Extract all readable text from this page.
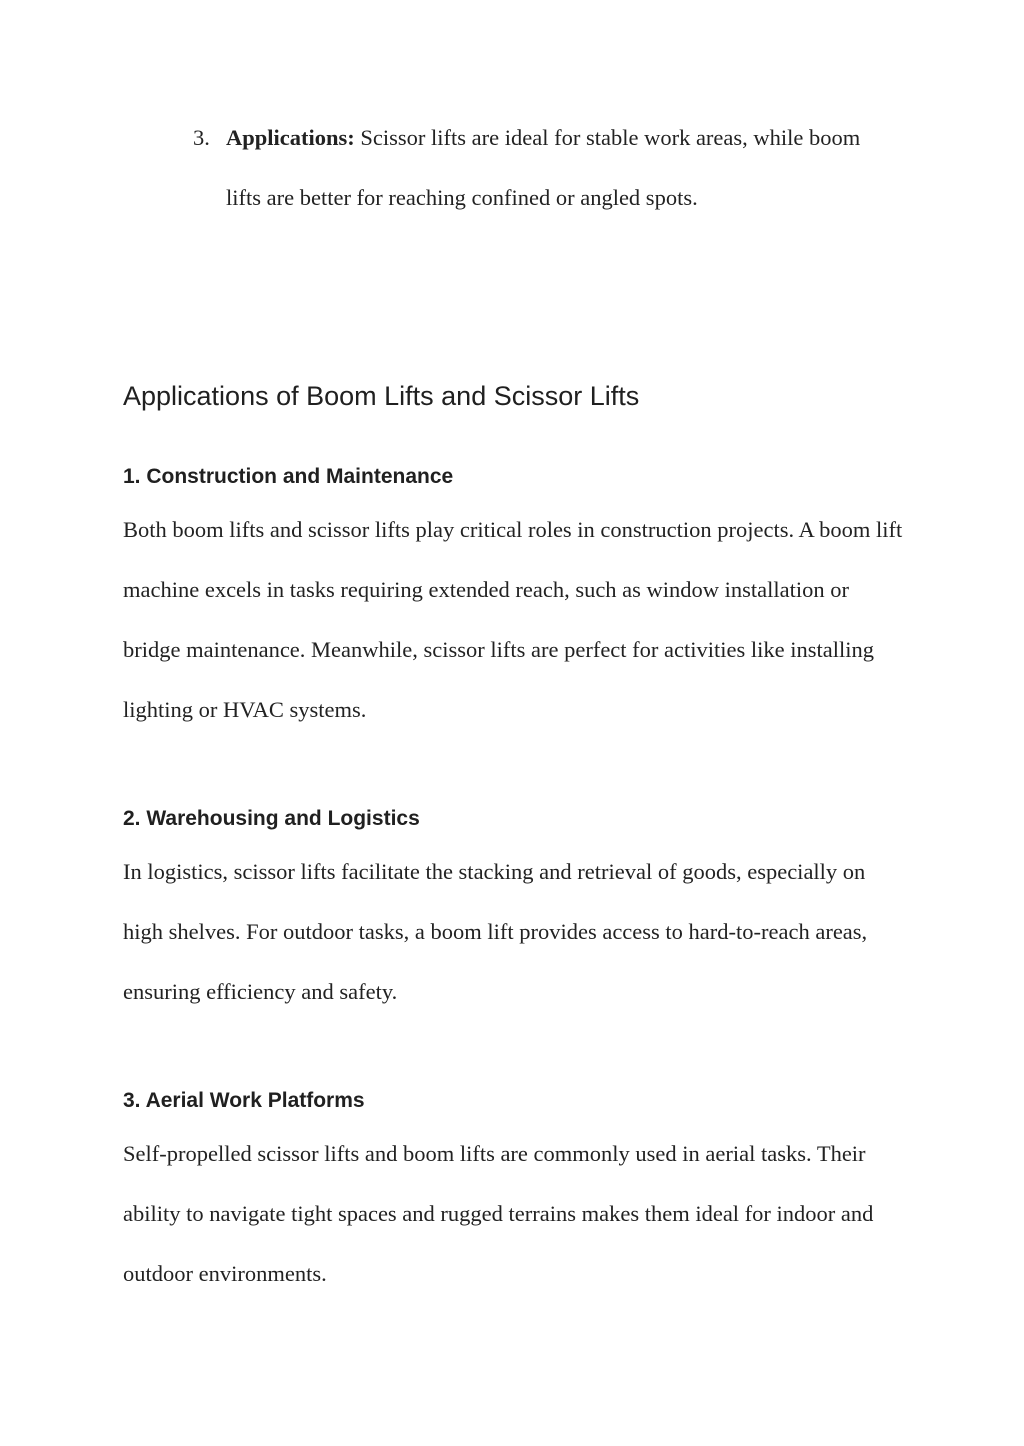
3. Applications: Scissor lifts are ideal for stable work areas, while boom lifts are better for reaching confined or angled spots.
Applications of Boom Lifts and Scissor Lifts
1. Construction and Maintenance

Both boom lifts and scissor lifts play critical roles in construction projects. A boom lift machine excels in tasks requiring extended reach, such as window installation or bridge maintenance. Meanwhile, scissor lifts are perfect for activities like installing lighting or HVAC systems.

2. Warehousing and Logistics

In logistics, scissor lifts facilitate the stacking and retrieval of goods, especially on high shelves. For outdoor tasks, a boom lift provides access to hard-to-reach areas, ensuring efficiency and safety.

3. Aerial Work Platforms

Self-propelled scissor lifts and boom lifts are commonly used in aerial tasks. Their ability to navigate tight spaces and rugged terrains makes them ideal for indoor and outdoor environments.
